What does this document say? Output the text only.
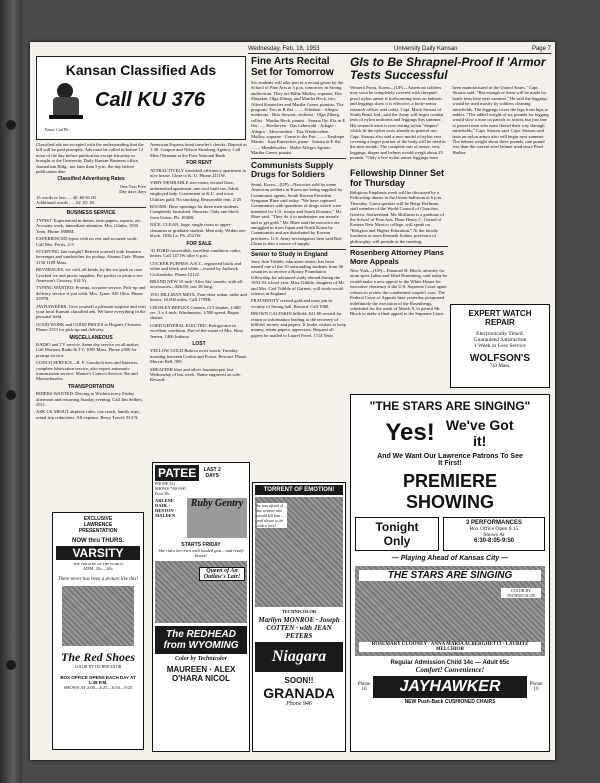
Wednesday, Feb. 18, 1953	University Daily Kansan	Page 7
Kansan Classified Ads
Call KU 376
Ensor, Carl Ph...

Classified ads are accepted with the understanding that the bill will be paid promptly. Ads must be called in before 12 noon of the day before publication except Saturday or brought to the University Daily Kansan Business office, Journalism Bldg., not later than 5 p.m. the day before publication date.

Classified Advertising Rates
One Two Five
Day days days
15 words or less .... 40 .60 $1.00
Additional words .... .02 .03 .05
BUSINESS SERVICE

TYPIST: Experienced in theses, term papers, reports, etc. Accurate work, immediate attention. Mrs. Glinka, 1933 Tenn. Phone 1888M.

EXPERIENCED typist with no rest and accurate work. Call Mrs. Ferris, 2-3

STUDYING late tonight? Refresh yourself with fountain beverages and sandwiches for pickup. Alumni Cafe. Phone 3150 1109 Mass.

BEVERAGES, ice cold, all kinds, by the six-pack or case. Cracked ice and picnic supplies. For parties or picnics see Amerson's Grocery, 914 Vt.

TYPING WANTED: Prompt, accurate service. Pick-up and delivery service if you wish. Mrs. Tyner, 945 Ohio. Phone 2397R.

JAYHAWKERS: Give yourself a pleasant surprise and visit your local Kansan classified ads. We have everything in the personal field.

GOOD WORK and GOOD PRICES at Hogan's Cleaners. Phone 3153 for pick-up and delivery.

MISCELLANEOUS

RADIO and TV service. Same day service on all makes. Call Mortons Radio & TV, 1005 Mass. Phone 2300 for prompt service.

CONCO SERVICE—R. F. Goodrich tires and batteries, complete lubrication service, also expert automatic transmission service. Mamie's Conoco Service, 9th and Massachusetts.

TRANSPORTATION

RIDERS WANTED: Driving to Wichita every Friday afternoon and returning Sunday evening. Call Jim Selbert, 2911.

ASK US ABOUT airplane rides, city reach, family trips, rental trip reductions. All expense. Berry Travel, 914 N.

EXCLUSIVE
LAWRENCE
PRESENTATION
NOW thru THURS.
VARSITY
THE THEATRE OF THE WORLD
ADM. 35c—65c
There never has been a picture like this!
The Red Shoes
COLOR BY TECHNICOLOR
BOX OFFICE OPENS EACH DAY AT 1:45 P.M.
SHOWS AT 2:00—4:25—6:50—9:25

American Express bond traveler's checks. Deposit at 1:30. Coupon and Nelson Strasberg Agency, Call Miss Olesman at the First National Bank.

FOR RENT

ATTRACTIVELY furnished efficiency apartment in nice house. Close to K. U. Phone 2111W.

VERY DESIRABLE two-room, second floor, unfurnished apartment, one roof built-ins. Adult, employed lady. Convenient to K.U. and town. Utilities paid. No smoking. Reasonable rent. 2-25

ROOMS: Have openings for three men students. Completely furnished. Showers. Only one block from Union. Ph. 1036R.

NICE, CLEAN, large, single room to upper-classman or graduate student. Men only. Within one block. 1036 La. Ph. 2521W.

FOR SALE

'41 FORD convertible, excellent condition, radio, heater. Call 1471W after 6 p.m.

COCKER PUPPIES: A.K.C. registered black and white and black and white—owned by Jayhawk Cockerdales. Phone 1212J.

BRAND NEW 10 inch 'After Six' tuxedo, with all accessories—$26.00, suit 38 long.

1951 HILLMAN MINX, Four-door sedan, radio and heater, 10,000 miles. Call 1799R.

CROSLEY REFLEX Camera, f3.5 shutter, 1/400 sec. 3 x 4 inch. Windmaster, 1/500 speed, Rapax shutter.

USED GENERAL ELECTRIC Refrigerator in excellent condition. Part of the estate of Mrs. Rose Jensen, 1406 Indiana.

LOST

YELLOW GOLD Bulova wrist watch, Tuesday morning between Corbin and Fraser. Reward. Phone Mervin Bell, 309.

SHEAFFER blue and silver fountain pen lost Wednesday of last week. Name engraved on side. Reward.

PATEE	LAST 2 DAYS
PHONE 321
SHOWS 7:00-9:00
Price 30c
ARLENE DAHL · HESTON · MALDEN
Ruby Gentry
STARTS FRIDAY
She rides her men with loaded gun... and ready kisses!
Queen of An Outlaw's Lair!
The REDHEAD from WYOMING
Color by Technicolor
MAUREEN · ALEX O'HARA NICOL
Fine Arts Recital Set for Tomorrow

Six students will take part in a recital given by the School of Fine Arts at 3 p.m. tomorrow in Strong auditorium. They are Billie Mulloy, soprano; Doc Slonaker, Olga Ziberg, and Martha Heck, trio; Alfred Kantocher and Martha Green, pianists. The program: Trio in B flat ........ Schubert · Allegro moderato · Brix Stewart, violinist · Olga Ziberg, cellist · Martha Heck, pianist · Sonata Op. 81a in E flat ...... Beethoven · Das Lebewohl · Adagio - Allegro · Abwesenheit · Das Wiedersehen · Mulloy, soprano · Come to the Fair ........ Easthope Martin · Joan Kantocher, piano · Sonata in E flat ........ Mendelssohn · Molto Allegro Agitato · Martha Green, pianist

Communists Supply Drugs for Soldiers

Seoul, Korea—(UP)—Narcotics sold by some American soldiers in Korea are being supplied by Communist agents, South Korean President Syngman Rhee said today. "We have captured Communists with quantities of drugs which were intended for U.S. troops and South Koreans," Mr. Rhee said. "They do it to undermine our morale and to get gold." Mr. Rhee said the narcotics are smuggled in from Japan and North Korea by Communists and are distributed by Korean profiteers. U.S. Army investigators here said Red China is also a source of supply.

Senior to Study in England

Jerry Ann Tribble, education senior, has been named one of the 10 outstanding students from 36 countries to receive a Rotary Foundation fellowship for advanced study abroad during the 1953-54 school year. Miss Tribble, daughter of Mr. and Mrs. Carl Tribble of Garnett, will study social science in England.

FRATERNITY crested gold and navy pin in vicinity of Strong hall. Reward. Call 1988.

BROWN CALFSKIN billfold, $21.00 reward for return or information leading to the recovery of billfold, money and papers. If finder wishes to keep money, return papers, appreciate. Request all papers be mailed to Laurel Pavel, 1114 Tenn.

TORRENT OF EMOTION!
he was afraid of ... the woman who would kill him ... and shown to be with a love!
TECHNICOLOR
Marilyn MONROE · Joseph COTTEN · with JEAN PETERS
Niagara
SOON!!
GRANADA
Phone 946
GIs to Be Shrapnel-Proof If 'Armor Tests Successful

Western Front, Korea—(UP)—American soldiers may soon be completely covered with shrapnel-proof nylon armor if forthcoming tests on helmets and leggings show it is effective, a body-armor research officer said today. Capt. Mack Strauss of South Bend, Ind., said the Army will begin combat tests of nylon uniforms and leggings this summer. His research team is now testing nylon "diapers" which fit the nylon vests already in general use. Capt. Strauss also said a new model of nylon vest covering a larger portion of the body will be tried in the next month. The complete suit of armor, vest, leggings, diaper and helmet would weigh about 25 pounds. "Only a few nylon armor leggings have been manufactured in the United States," Capt. Strauss said. "But enough of them will be made for battle tests here next summer." He said the leggings would be used mostly by soldiers cleaning minefields. The leggings cover the legs from hips to ankles. "The added weight of six pounds for legging would slow a man on patrols or action, but just fine to protect men who must thread their way through minefields," Capt. Strauss said. Capt. Strauss said tests on nylon armor also will begin next summer. The helmet weight about three pounds, one pound less than the current steel helmet used since Pearl Harbor.

Fellowship Dinner Set for Thursday

Religious Emphasis week will be discussed by a Fellowship dinner in the Union ballroom at 6 p.m. Thursday. Guest speaker will be Bergt Hoffman, staff member of the World Council of Churches, Geneva, Switzerland. Mr. Hoffman is a graduate of the School of Fine Arts. Dean Henry C. Gerard of Eastern New Mexico college, will speak on "Religion and Higher Education." At the faculty luncheon at noon Kenneth Jordan, professor of philosophy, will preside at the meeting.

Rosenberg Attorney Plans More Appeals

New York—(UP)—Emanuel H. Bloch, attorney for atom spies Julius and Ethel Rosenberg, said today he would make a new appeal to the White House for executive clemency if the U.S. Supreme Court again refuses to review the condemned couple's case. The Federal Court of Appeals here yesterday postponed indefinitely the execution of the Rosenbergs, scheduled for the week of March 9, to permit Mr. Bloch to make a final appeal to the Supreme Court.	EXPERT WATCH
REPAIR
Electronically Timed.
Guaranteed Satisfaction
1 Week or Less Service
WOLFSON'S
743 Mass.
"THE STARS ARE SINGING"
Yes! We've Got it!
And We Want Our Lawrence Patrons To See It First!
PREMIERE
SHOWING
Tonight
Only
3 PERFORMANCES
Box Office Open 6:15
Shows At
6:30-8:05-9:50
— Playing Ahead of Kansas City —
THE STARS ARE SINGING
COLOR BY TECHNICOLOR
ROSEMARY CLOONEY · ANNA MARIA ALBERGHETTI · LAURITZ MELCHIOR
Regular Admission Child 14c — Adult 65c
Comfort! Convenience!
Phone 16	JAYHAWKER	Phone 16
NEW Push-Back CUSHIONED CHAIRS
